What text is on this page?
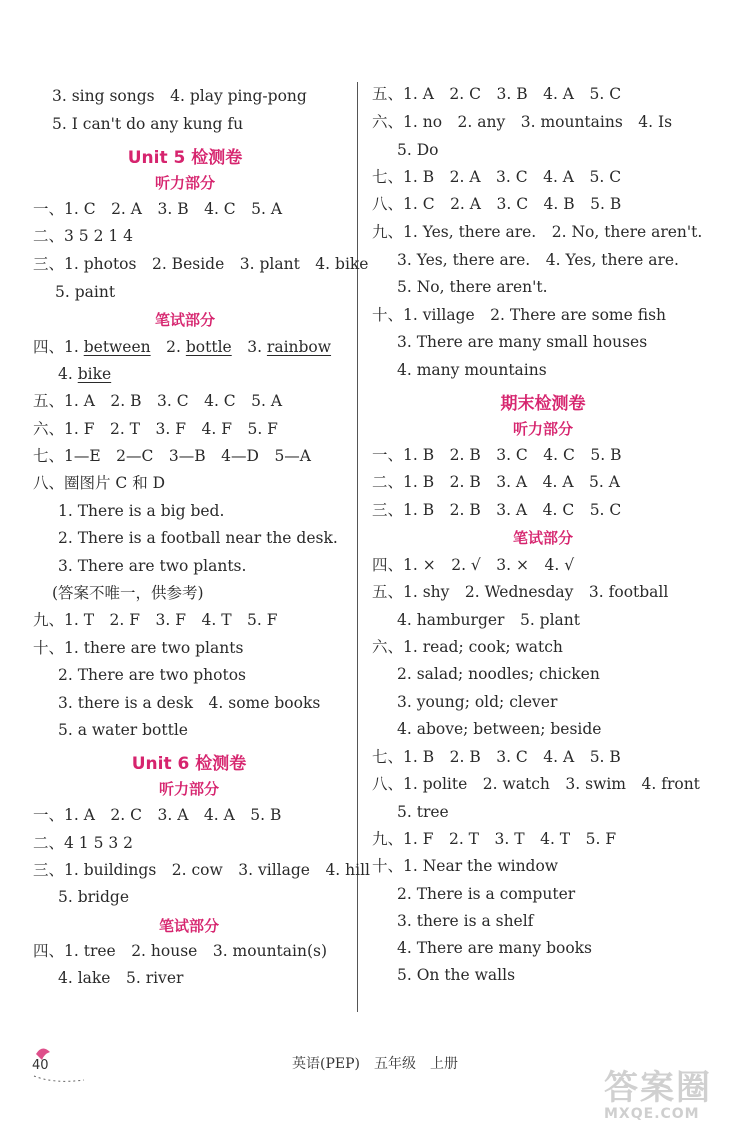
3. sing songs　4. play ping-pong
5. I can't do any kung fu
Unit 5 检测卷
听力部分
一、1. C　2. A　3. B　4. C　5. A
二、3 5 2 1 4
三、1. photos　2. Beside　3. plant　4. bike
5. paint
笔试部分
四、1. between　2. bottle　3. rainbow
4. bike
五、1. A　2. B　3. C　4. C　5. A
六、1. F　2. T　3. F　4. F　5. F
七、1—E　2—C　3—B　4—D　5—A
八、圈图片 C 和 D
1. There is a big bed.
2. There is a football near the desk.
3. There are two plants.
(答案不唯一，供参考)
九、1. T　2. F　3. F　4. T　5. F
十、1. there are two plants
2. There are two photos
3. there is a desk　4. some books
5. a water bottle
Unit 6 检测卷
听力部分
一、1. A　2. C　3. A　4. A　5. B
二、4 1 5 3 2
三、1. buildings　2. cow　3. village　4. hill
5. bridge
笔试部分
四、1. tree　2. house　3. mountain(s)
4. lake　5. river
五、1. A　2. C　3. B　4. A　5. C
六、1. no　2. any　3. mountains　4. Is
5. Do
七、1. B　2. A　3. C　4. A　5. C
八、1. C　2. A　3. C　4. B　5. B
九、1. Yes, there are.　2. No, there aren't.
3. Yes, there are.　4. Yes, there are.
5. No, there aren't.
十、1. village　2. There are some fish
3. There are many small houses
4. many mountains
期末检测卷
听力部分
一、1. B　2. B　3. C　4. C　5. B
二、1. B　2. B　3. A　4. A　5. A
三、1. B　2. B　3. A　4. C　5. C
笔试部分
四、1. ×　2. √　3. ×　4. √
五、1. shy　2. Wednesday　3. football
4. hamburger　5. plant
六、1. read; cook; watch
2. salad; noodles; chicken
3. young; old; clever
4. above; between; beside
七、1. B　2. B　3. C　4. A　5. B
八、1. polite　2. watch　3. swim　4. front
5. tree
九、1. F　2. T　3. T　4. T　5. F
十、1. Near the window
2. There is a computer
3. there is a shelf
4. There are many books
5. On the walls
40	英语(PEP)　五年级　上册
答案圈
MXQE.COM
